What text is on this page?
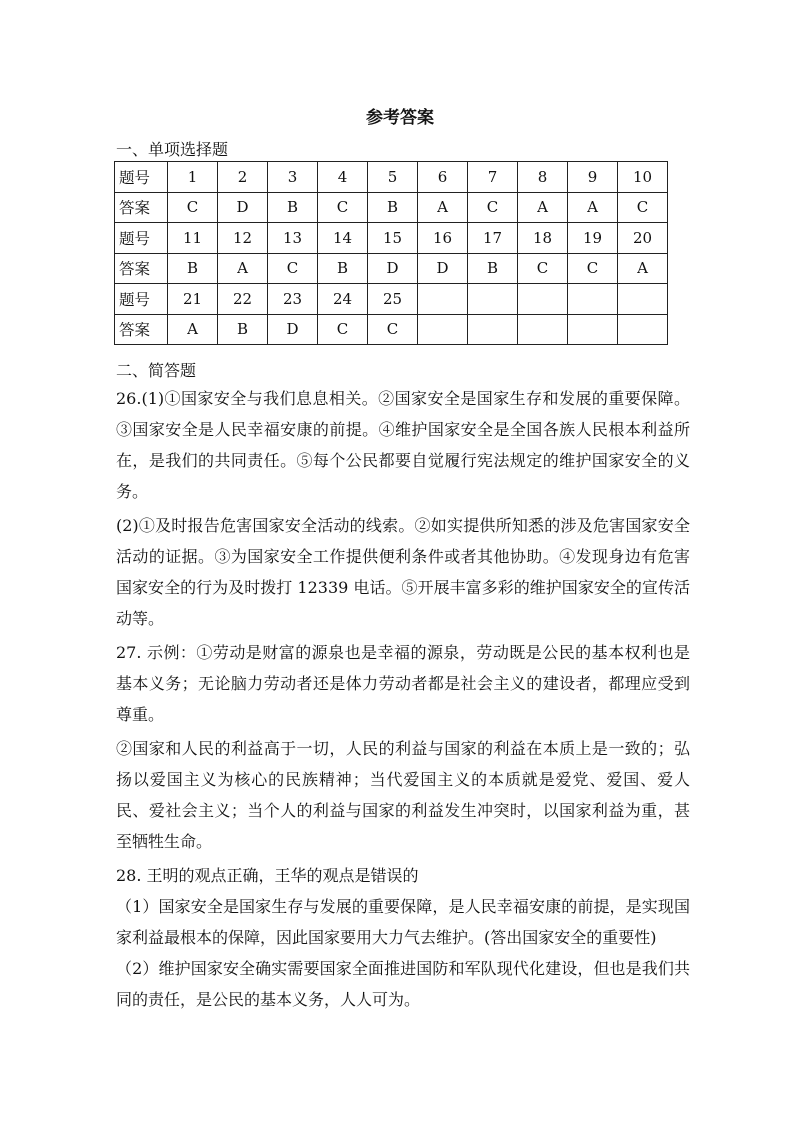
参考答案
一、单项选择题
题号	1	2	3	4	5	6	7	8	9	10
答案	C	D	B	C	B	A	C	A	A	C
题号	11	12	13	14	15	16	17	18	19	20
答案	B	A	C	B	D	D	B	C	C	A
题号	21	22	23	24	25					
答案	A	B	D	C	C					
二、简答题

26.(1)①国家安全与我们息息相关。②国家安全是国家生存和发展的重要保障。③国家安全是人民幸福安康的前提。④维护国家安全是全国各族人民根本利益所在，是我们的共同责任。⑤每个公民都要自觉履行宪法规定的维护国家安全的义务。

(2)①及时报告危害国家安全活动的线索。②如实提供所知悉的涉及危害国家安全活动的证据。③为国家安全工作提供便利条件或者其他协助。④发现身边有危害国家安全的行为及时拨打 12339 电话。⑤开展丰富多彩的维护国家安全的宣传活动等。

27. 示例：①劳动是财富的源泉也是幸福的源泉，劳动既是公民的基本权利也是基本义务；无论脑力劳动者还是体力劳动者都是社会主义的建设者，都理应受到尊重。

②国家和人民的利益高于一切，人民的利益与国家的利益在本质上是一致的；弘扬以爱国主义为核心的民族精神；当代爱国主义的本质就是爱党、爱国、爱人民、爱社会主义；当个人的利益与国家的利益发生冲突时，以国家利益为重，甚至牺牲生命。

28. 王明的观点正确，王华的观点是错误的

（1）国家安全是国家生存与发展的重要保障，是人民幸福安康的前提，是实现国家利益最根本的保障，因此国家要用大力气去维护。(答出国家安全的重要性)

（2）维护国家安全确实需要国家全面推进国防和军队现代化建设，但也是我们共同的责任，是公民的基本义务，人人可为。
